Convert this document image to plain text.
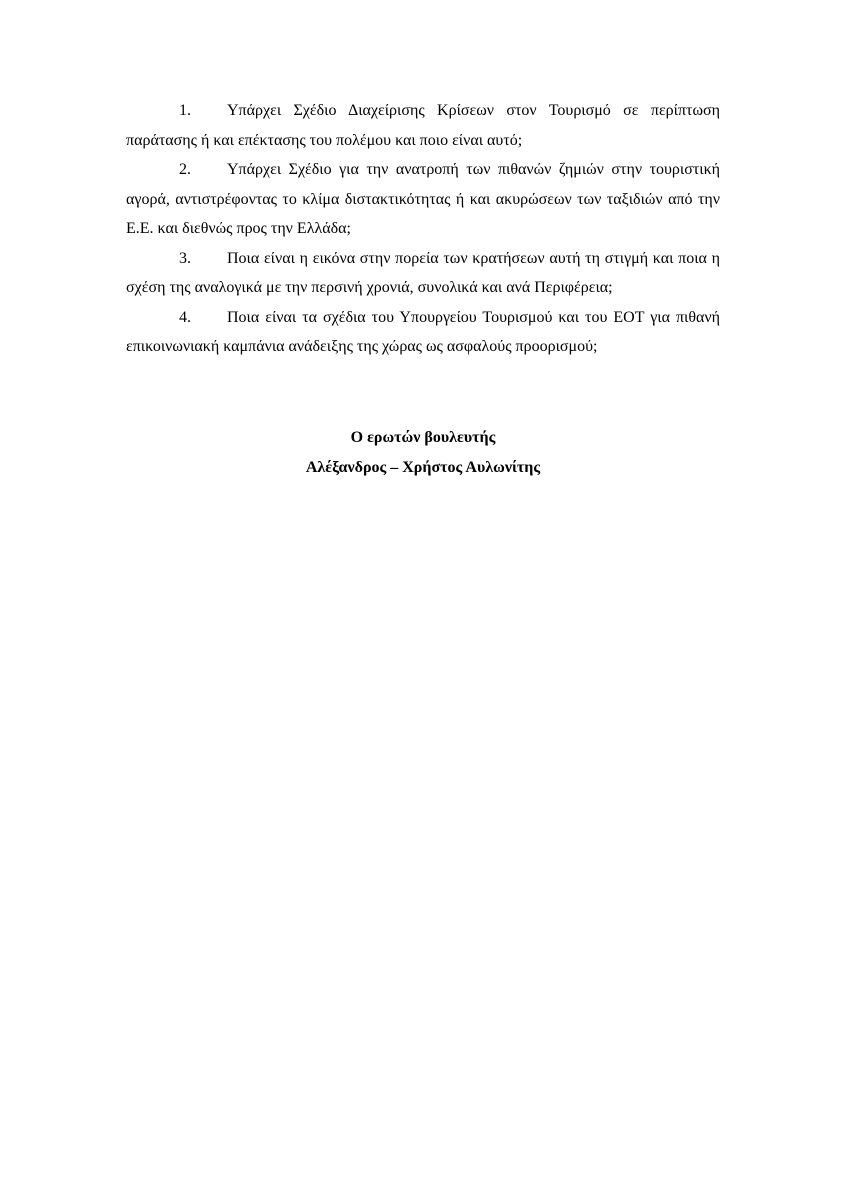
1. Υπάρχει Σχέδιο Διαχείρισης Κρίσεων στον Τουρισμό σε περίπτωση παράτασης ή και επέκτασης του πολέμου και ποιο είναι αυτό;
2. Υπάρχει Σχέδιο για την ανατροπή των πιθανών ζημιών στην τουριστική αγορά, αντιστρέφοντας το κλίμα διστακτικότητας ή και ακυρώσεων των ταξιδιών από την Ε.Ε. και διεθνώς προς την Ελλάδα;
3. Ποια είναι η εικόνα στην πορεία των κρατήσεων αυτή τη στιγμή και ποια η σχέση της αναλογικά με την περσινή χρονιά, συνολικά και ανά Περιφέρεια;
4. Ποια είναι τα σχέδια του Υπουργείου Τουρισμού και του ΕΟΤ για πιθανή επικοινωνιακή καμπάνια ανάδειξης της χώρας ως ασφαλούς προορισμού;
Ο ερωτών βουλευτής
Αλέξανδρος – Χρήστος Αυλωνίτης
